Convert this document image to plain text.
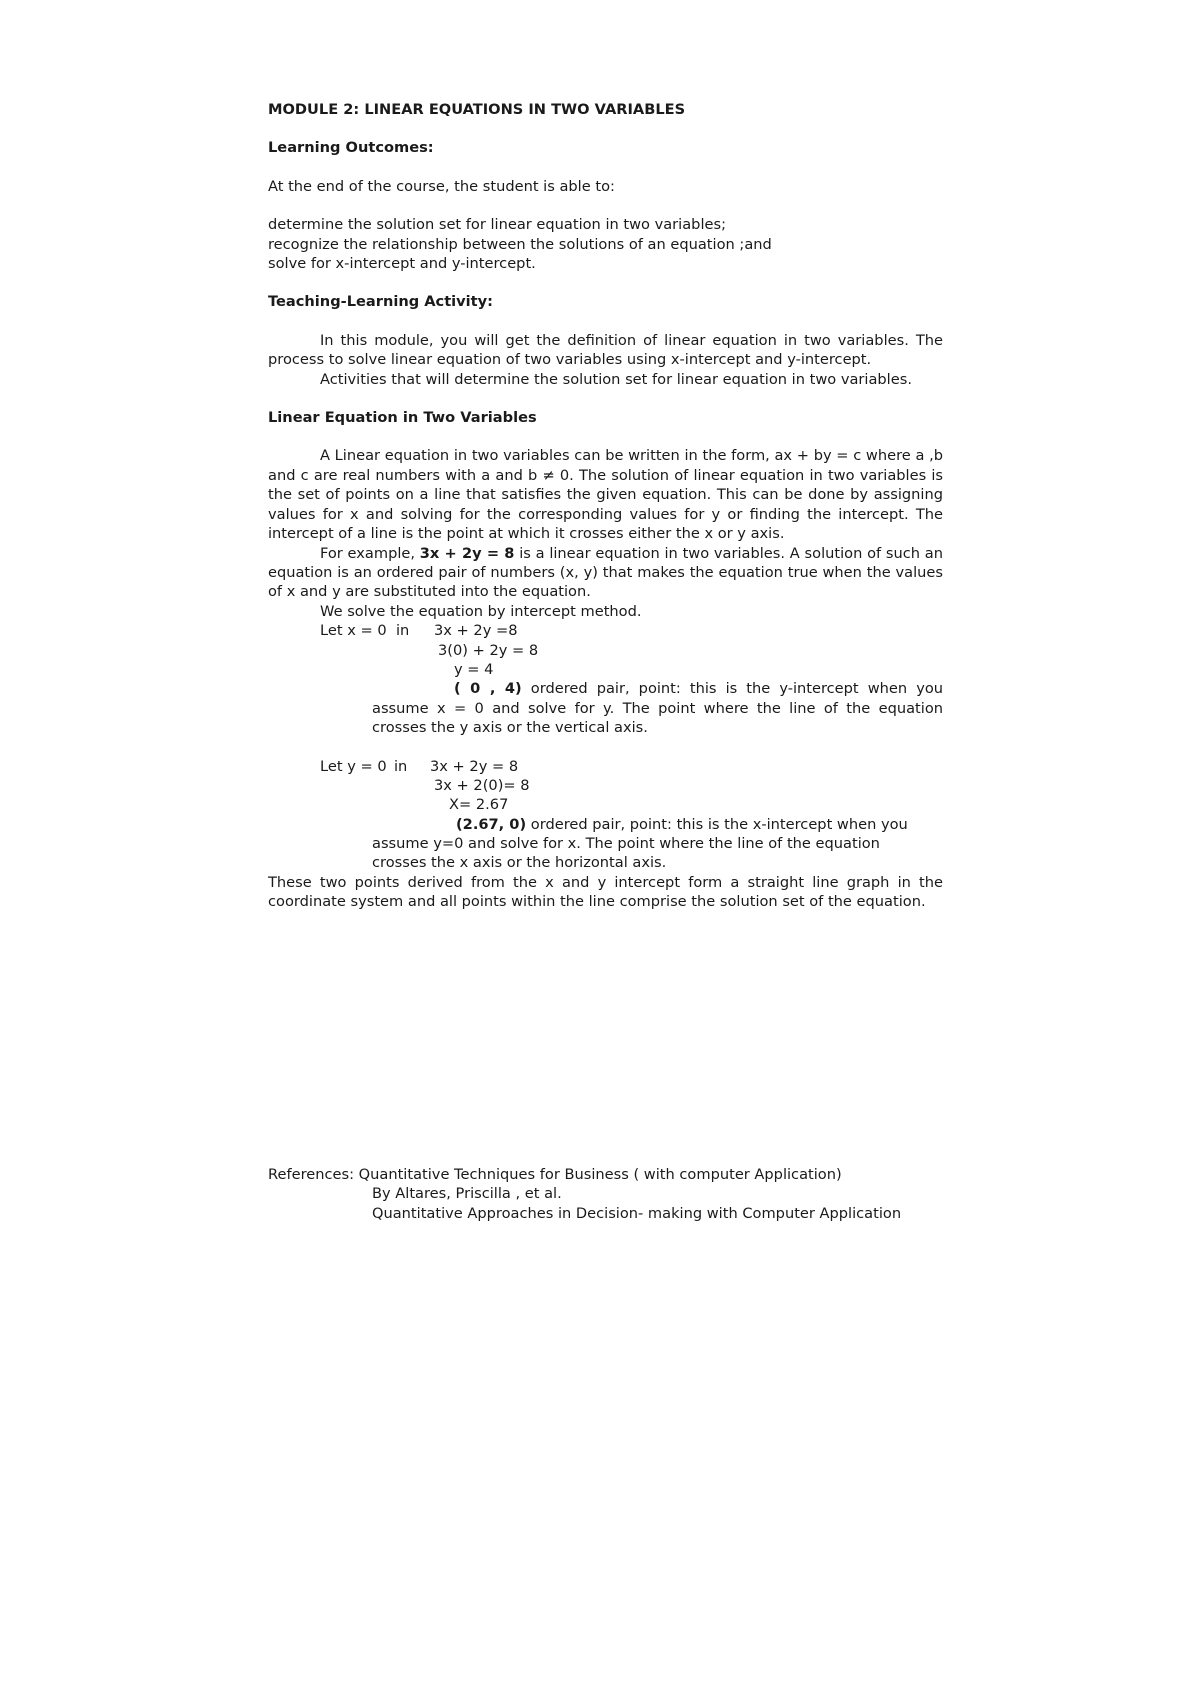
MODULE 2: LINEAR EQUATIONS IN TWO VARIABLES

Learning Outcomes:

At the end of the course, the student is able to:

determine the solution set for linear equation in two variables;

recognize the relationship between the solutions of an equation ;and

solve for x-intercept and y-intercept.

Teaching-Learning Activity:

In this module, you will get the definition of linear equation in two variables. The process to solve linear equation of two variables using x-intercept and y-intercept.

Activities that will determine the solution set for linear equation in two variables.

Linear Equation in Two Variables

A Linear equation in two variables can be written in the form, ax + by = c where a ,b and c are real numbers with a and b ≠ 0. The solution of linear equation in two variables is the set of points on a line that satisfies the given equation. This can be done by assigning values for x and solving for the corresponding values for y or finding the intercept. The intercept of a line is the point at which it crosses either the x or y axis.

For example, 3x + 2y = 8 is a linear equation in two variables. A solution of such an equation is an ordered pair of numbers (x, y) that makes the equation true when the values of x and y are substituted into the equation.

We solve the equation by intercept method.

Let x = 0 in 3x + 2y =8
3(0) + 2y = 8
y = 4

( 0 , 4) ordered pair, point: this is the y-intercept when you assume x = 0 and solve for y. The point where the line of the equation crosses the y axis or the vertical axis.

Let y = 0 in 3x + 2y = 8
3x + 2(0)= 8
X= 2.67
(2.67, 0) ordered pair, point: this is the x-intercept when you
assume y=0 and solve for x. The point where the line of the equation
crosses the x axis or the horizontal axis.

These two points derived from the x and y intercept form a straight line graph in the coordinate system and all points within the line comprise the solution set of the equation.

References: Quantitative Techniques for Business ( with computer Application)
By Altares, Priscilla , et al.
Quantitative Approaches in Decision- making with Computer Application
